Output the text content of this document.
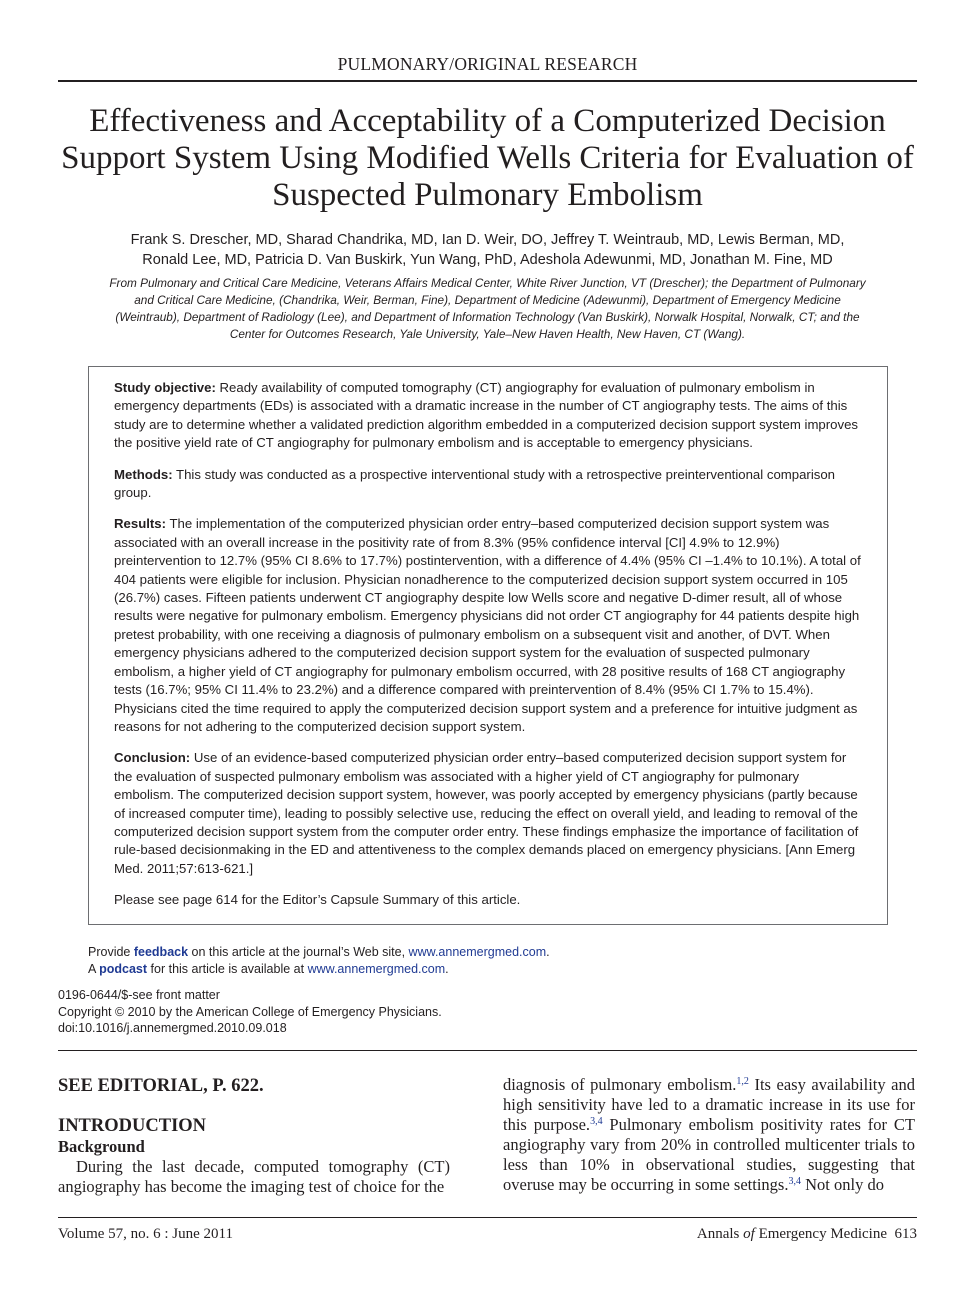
PULMONARY/ORIGINAL RESEARCH
Effectiveness and Acceptability of a Computerized Decision
Support System Using Modified Wells Criteria for Evaluation of
Suspected Pulmonary Embolism
Frank S. Drescher, MD, Sharad Chandrika, MD, Ian D. Weir, DO, Jeffrey T. Weintraub, MD, Lewis Berman, MD,
Ronald Lee, MD, Patricia D. Van Buskirk, Yun Wang, PhD, Adeshola Adewunmi, MD, Jonathan M. Fine, MD
From Pulmonary and Critical Care Medicine, Veterans Affairs Medical Center, White River Junction, VT (Drescher); the Department of Pulmonary
and Critical Care Medicine, (Chandrika, Weir, Berman, Fine), Department of Medicine (Adewunmi), Department of Emergency Medicine
(Weintraub), Department of Radiology (Lee), and Department of Information Technology (Van Buskirk), Norwalk Hospital, Norwalk, CT; and the
Center for Outcomes Research, Yale University, Yale–New Haven Health, New Haven, CT (Wang).

Study objective: Ready availability of computed tomography (CT) angiography for evaluation of pulmonary embolism in emergency departments (EDs) is associated with a dramatic increase in the number of CT angiography tests. The aims of this study are to determine whether a validated prediction algorithm embedded in a computerized decision support system improves the positive yield rate of CT angiography for pulmonary embolism and is acceptable to emergency physicians.

Methods: This study was conducted as a prospective interventional study with a retrospective preinterventional comparison group.

Results: The implementation of the computerized physician order entry–based computerized decision support system was associated with an overall increase in the positivity rate of from 8.3% (95% confidence interval [CI] 4.9% to 12.9%) preintervention to 12.7% (95% CI 8.6% to 17.7%) postintervention, with a difference of 4.4% (95% CI –1.4% to 10.1%). A total of 404 patients were eligible for inclusion. Physician nonadherence to the computerized decision support system occurred in 105 (26.7%) cases. Fifteen patients underwent CT angiography despite low Wells score and negative D-dimer result, all of whose results were negative for pulmonary embolism. Emergency physicians did not order CT angiography for 44 patients despite high pretest probability, with one receiving a diagnosis of pulmonary embolism on a subsequent visit and another, of DVT. When emergency physicians adhered to the computerized decision support system for the evaluation of suspected pulmonary embolism, a higher yield of CT angiography for pulmonary embolism occurred, with 28 positive results of 168 CT angiography tests (16.7%; 95% CI 11.4% to 23.2%) and a difference compared with preintervention of 8.4% (95% CI 1.7% to 15.4%). Physicians cited the time required to apply the computerized decision support system and a preference for intuitive judgment as reasons for not adhering to the computerized decision support system.

Conclusion: Use of an evidence-based computerized physician order entry–based computerized decision support system for the evaluation of suspected pulmonary embolism was associated with a higher yield of CT angiography for pulmonary embolism. The computerized decision support system, however, was poorly accepted by emergency physicians (partly because of increased computer time), leading to possibly selective use, reducing the effect on overall yield, and leading to removal of the computerized decision support system from the computer order entry. These findings emphasize the importance of facilitation of rule-based decisionmaking in the ED and attentiveness to the complex demands placed on emergency physicians. [Ann Emerg Med. 2011;57:613-621.]

Please see page 614 for the Editor’s Capsule Summary of this article.

Provide feedback on this article at the journal’s Web site, www.annemergmed.com.
A podcast for this article is available at www.annemergmed.com.
0196-0644/$-see front matter
Copyright © 2010 by the American College of Emergency Physicians.
doi:10.1016/j.annemergmed.2010.09.018
SEE EDITORIAL, P. 622.
INTRODUCTION
Background

During the last decade, computed tomography (CT) angiography has become the imaging test of choice for the

diagnosis of pulmonary embolism.$^{1,2}$ Its easy availability and high sensitivity have led to a dramatic increase in its use for this purpose.$^{3,4}$ Pulmonary embolism positivity rates for CT angiography vary from 20% in controlled multicenter trials to less than 10% in observational studies, suggesting that overuse may be occurring in some settings.$^{3,4}$ Not only do

Volume 57, no. 6 : June 2011	Annals of Emergency Medicine 613
